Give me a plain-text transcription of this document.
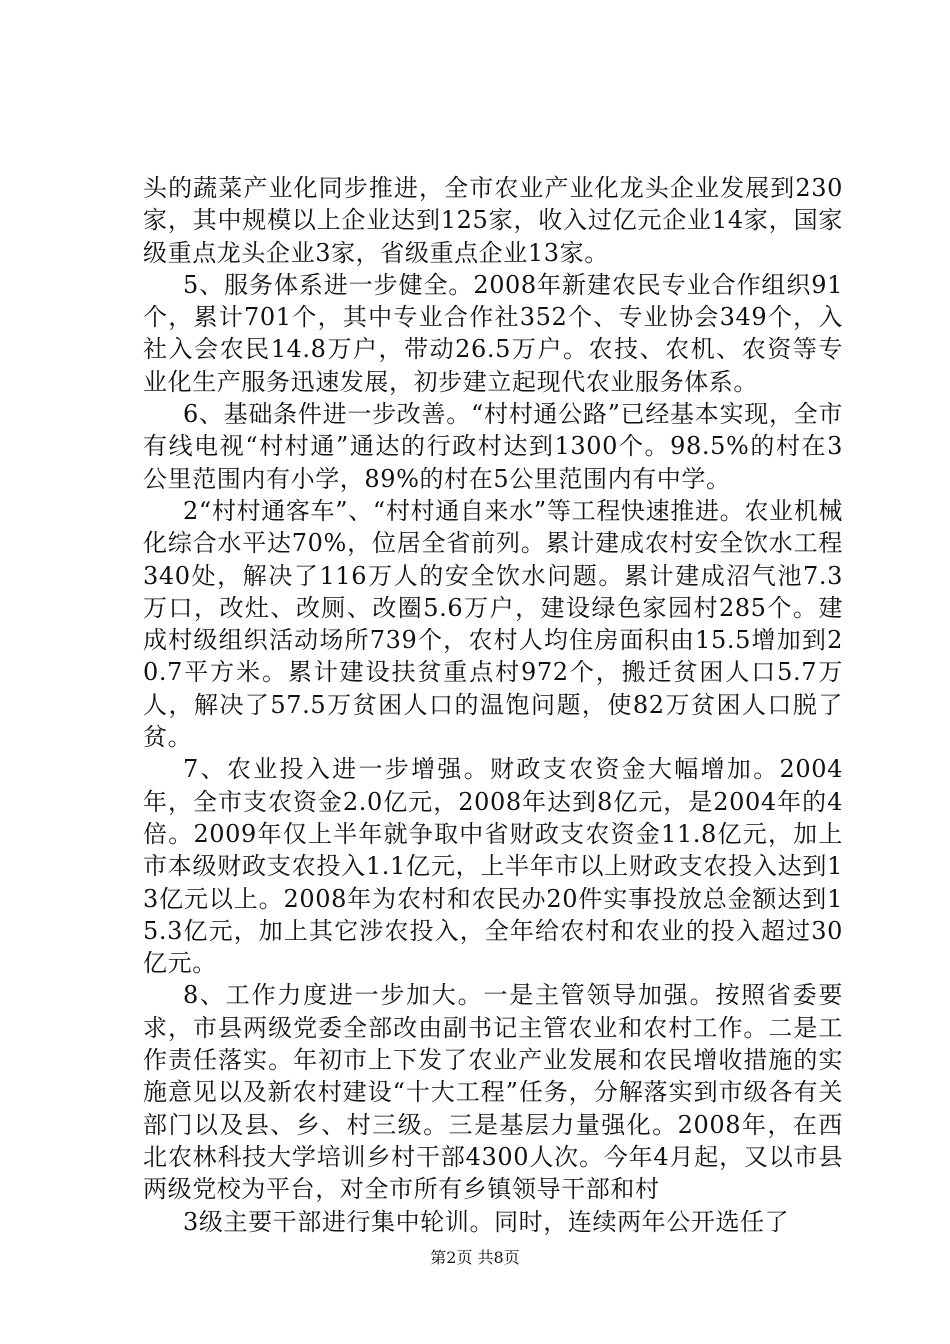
头的蔬菜产业化同步推进，全市农业产业化龙头企业发展到230家，其中规模以上企业达到125家，收入过亿元企业14家，国家级重点龙头企业3家，省级重点企业13家。

5、服务体系进一步健全。2008年新建农民专业合作组织91个，累计701个，其中专业合作社352个、专业协会349个，入社入会农民14.8万户，带动26.5万户。农技、农机、农资等专业化生产服务迅速发展，初步建立起现代农业服务体系。

6、基础条件进一步改善。“村村通公路”已经基本实现，全市有线电视“村村通”通达的行政村达到1300个。98.5%的村在3公里范围内有小学，89%的村在5公里范围内有中学。

2“村村通客车”、“村村通自来水”等工程快速推进。农业机械化综合水平达70%，位居全省前列。累计建成农村安全饮水工程340处，解决了116万人的安全饮水问题。累计建成沼气池7.3万口，改灶、改厕、改圈5.6万户，建设绿色家园村285个。建成村级组织活动场所739个，农村人均住房面积由15.5增加到20.7平方米。累计建设扶贫重点村972个，搬迁贫困人口5.7万人，解决了57.5万贫困人口的温饱问题，使82万贫困人口脱了贫。

7、农业投入进一步增强。财政支农资金大幅增加。2004年，全市支农资金2.0亿元，2008年达到8亿元，是2004年的4倍。2009年仅上半年就争取中省财政支农资金11.8亿元，加上市本级财政支农投入1.1亿元，上半年市以上财政支农投入达到13亿元以上。2008年为农村和农民办20件实事投放总金额达到15.3亿元，加上其它涉农投入，全年给农村和农业的投入超过30亿元。

8、工作力度进一步加大。一是主管领导加强。按照省委要求，市县两级党委全部改由副书记主管农业和农村工作。二是工作责任落实。年初市上下发了农业产业发展和农民增收措施的实施意见以及新农村建设“十大工程”任务，分解落实到市级各有关部门以及县、乡、村三级。三是基层力量强化。2008年，在西北农林科技大学培训乡村干部4300人次。今年4月起，又以市县两级党校为平台，对全市所有乡镇领导干部和村

3级主要干部进行集中轮训。同时，连续两年公开选任了

第2页 共8页
